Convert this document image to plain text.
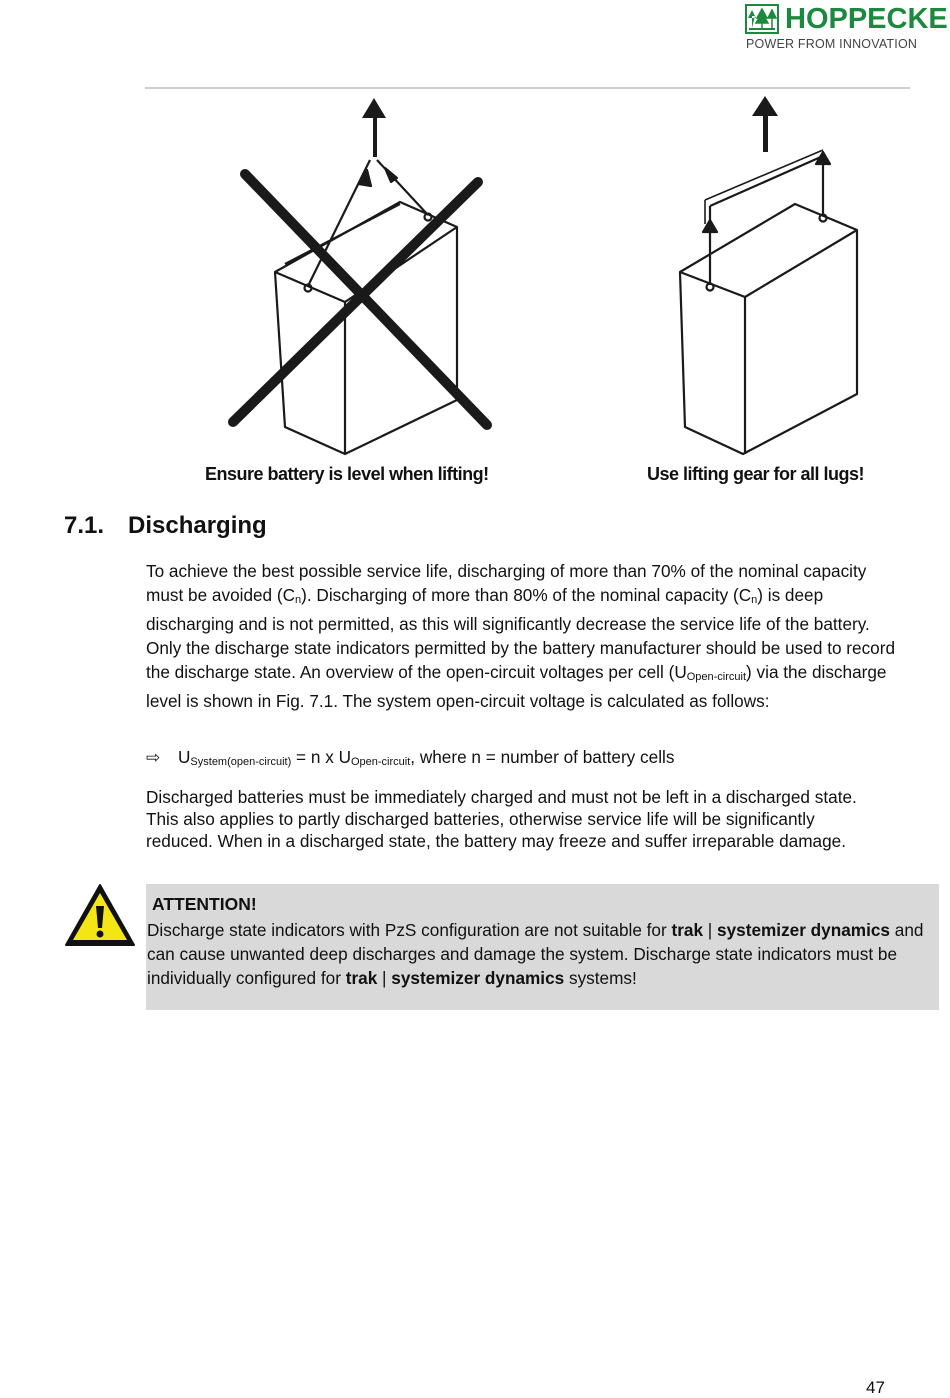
HOPPECKE
POWER FROM INNOVATION
Ensure battery is level when lifting!	Use lifting gear for all lugs!
7.1. Discharging
To achieve the best possible service life, discharging of more than 70% of the nominal capacity must be avoided $(C_n)$. Discharging of more than 80% of the nominal capacity $(C_n)$ is deep discharging and is not permitted, as this will significantly decrease the service life of the battery. Only the discharge state indicators permitted by the battery manufacturer should be used to record the discharge state. An overview of the open-circuit voltages per cell $(U_{Open-circuit})$ via the discharge level is shown in Fig. 7.1. The system open-circuit voltage is calculated as follows:
⇨ $U_{System(open-circuit)} = n$ x $U_{Open-circuit}$, where n = number of battery cells
Discharged batteries must be immediately charged and must not be left in a discharged state. This also applies to partly discharged batteries, otherwise service life will be significantly reduced. When in a discharged state, the battery may freeze and suffer irreparable damage.
ATTENTION!
Discharge state indicators with PzS configuration are not suitable for trak | systemizer dynamics and can cause unwanted deep discharges and damage the system. Discharge state indicators must be individually configured for trak | systemizer dynamics systems!
47
